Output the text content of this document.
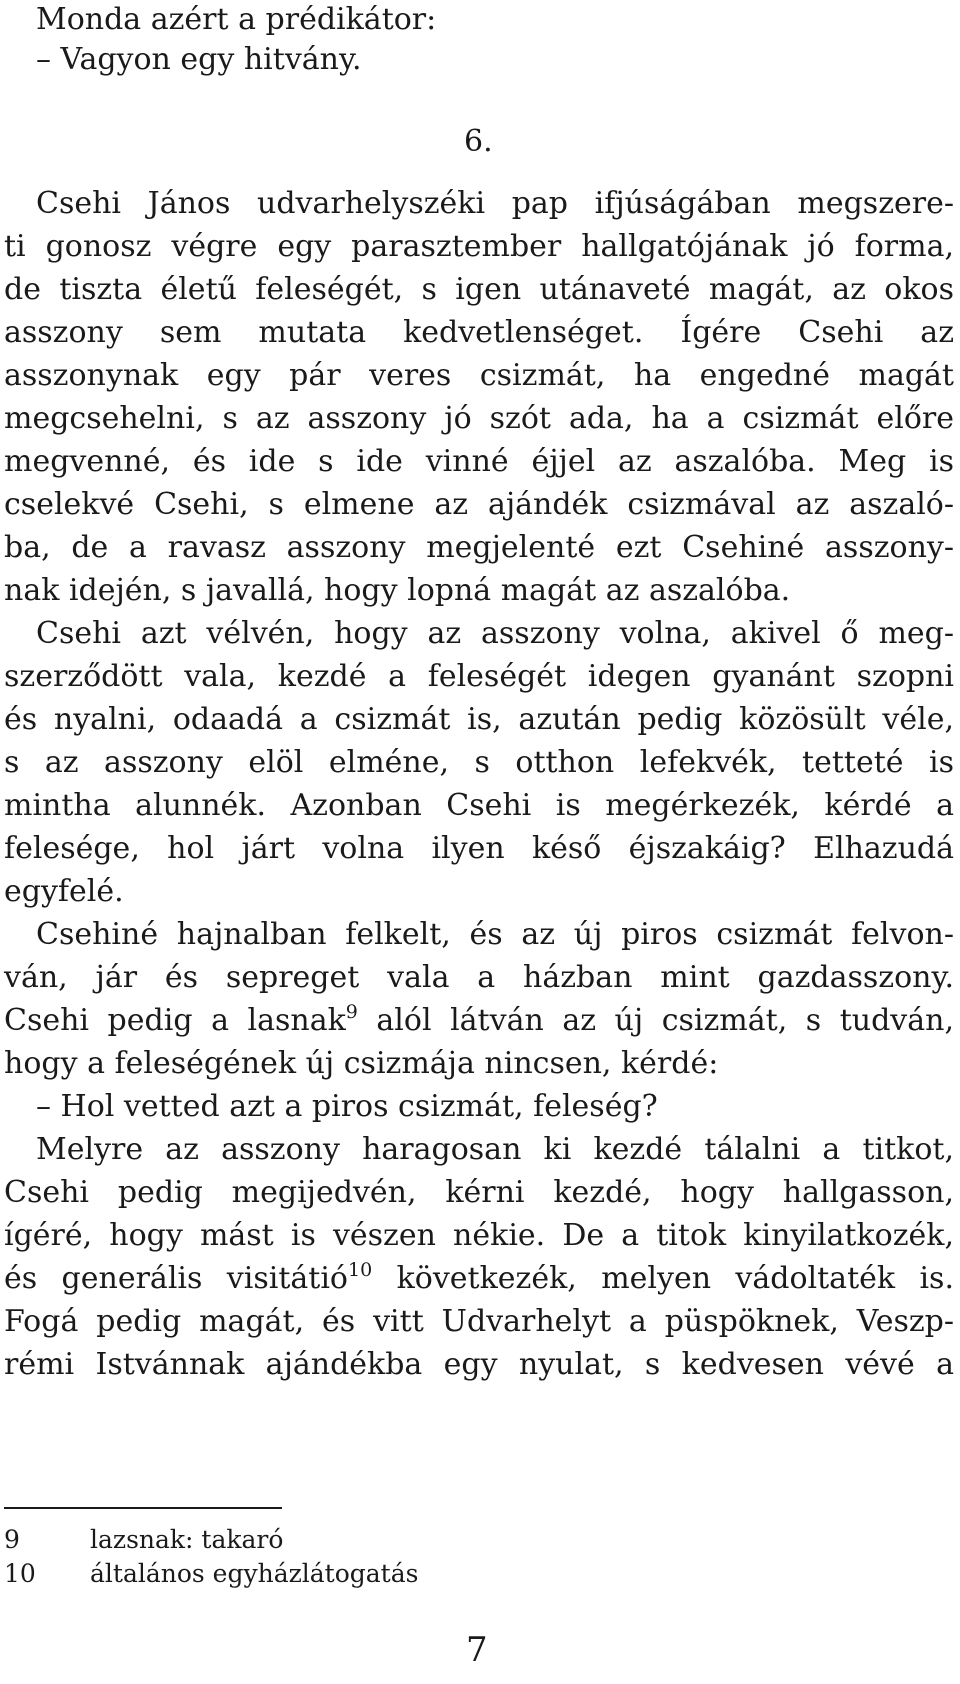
Monda azért a prédikátor:
– Vagyon egy hitvány.
6.
Csehi János udvarhelyszéki pap ifjúságában megszere-
ti gonosz végre egy parasztember hallgatójának jó forma,
de tiszta életű feleségét, s igen utánaveté magát, az okos
asszony sem mutata kedvetlenséget. Ígére Csehi az
asszonynak egy pár veres csizmát, ha engedné magát
megcsehelni, s az asszony jó szót ada, ha a csizmát előre
megvenné, és ide s ide vinné éjjel az aszalóba. Meg is
cselekvé Csehi, s elmene az ajándék csizmával az aszaló-
ba, de a ravasz asszony megjelenté ezt Csehiné asszony-
nak idején, s javallá, hogy lopná magát az aszalóba.
Csehi azt vélvén, hogy az asszony volna, akivel ő meg-
szerződött vala, kezdé a feleségét idegen gyanánt szopni
és nyalni, odaadá a csizmát is, azután pedig közösült véle,
s az asszony elöl elméne, s otthon lefekvék, tetteté is
mintha alunnék. Azonban Csehi is megérkezék, kérdé a
felesége, hol járt volna ilyen késő éjszakáig? Elhazudá
egyfelé.
Csehiné hajnalban felkelt, és az új piros csizmát felvon-
ván, jár és sepreget vala a házban mint gazdasszony.
Csehi pedig a lasnak$^9$ alól látván az új csizmát, s tudván,
hogy a feleségének új csizmája nincsen, kérdé:
– Hol vetted azt a piros csizmát, feleség?
Melyre az asszony haragosan ki kezdé tálalni a titkot,
Csehi pedig megijedvén, kérni kezdé, hogy hallgasson,
ígéré, hogy mást is vészen nékie. De a titok kinyilatkozék,
és generális visitátió$^{10}$ következék, melyen vádoltaték is.
Fogá pedig magát, és vitt Udvarhelyt a püspöknek, Veszp-
rémi Istvánnak ajándékba egy nyulat, s kedvesen vévé a
9	lazsnak: takaró
10 általános egyházlátogatás
7
